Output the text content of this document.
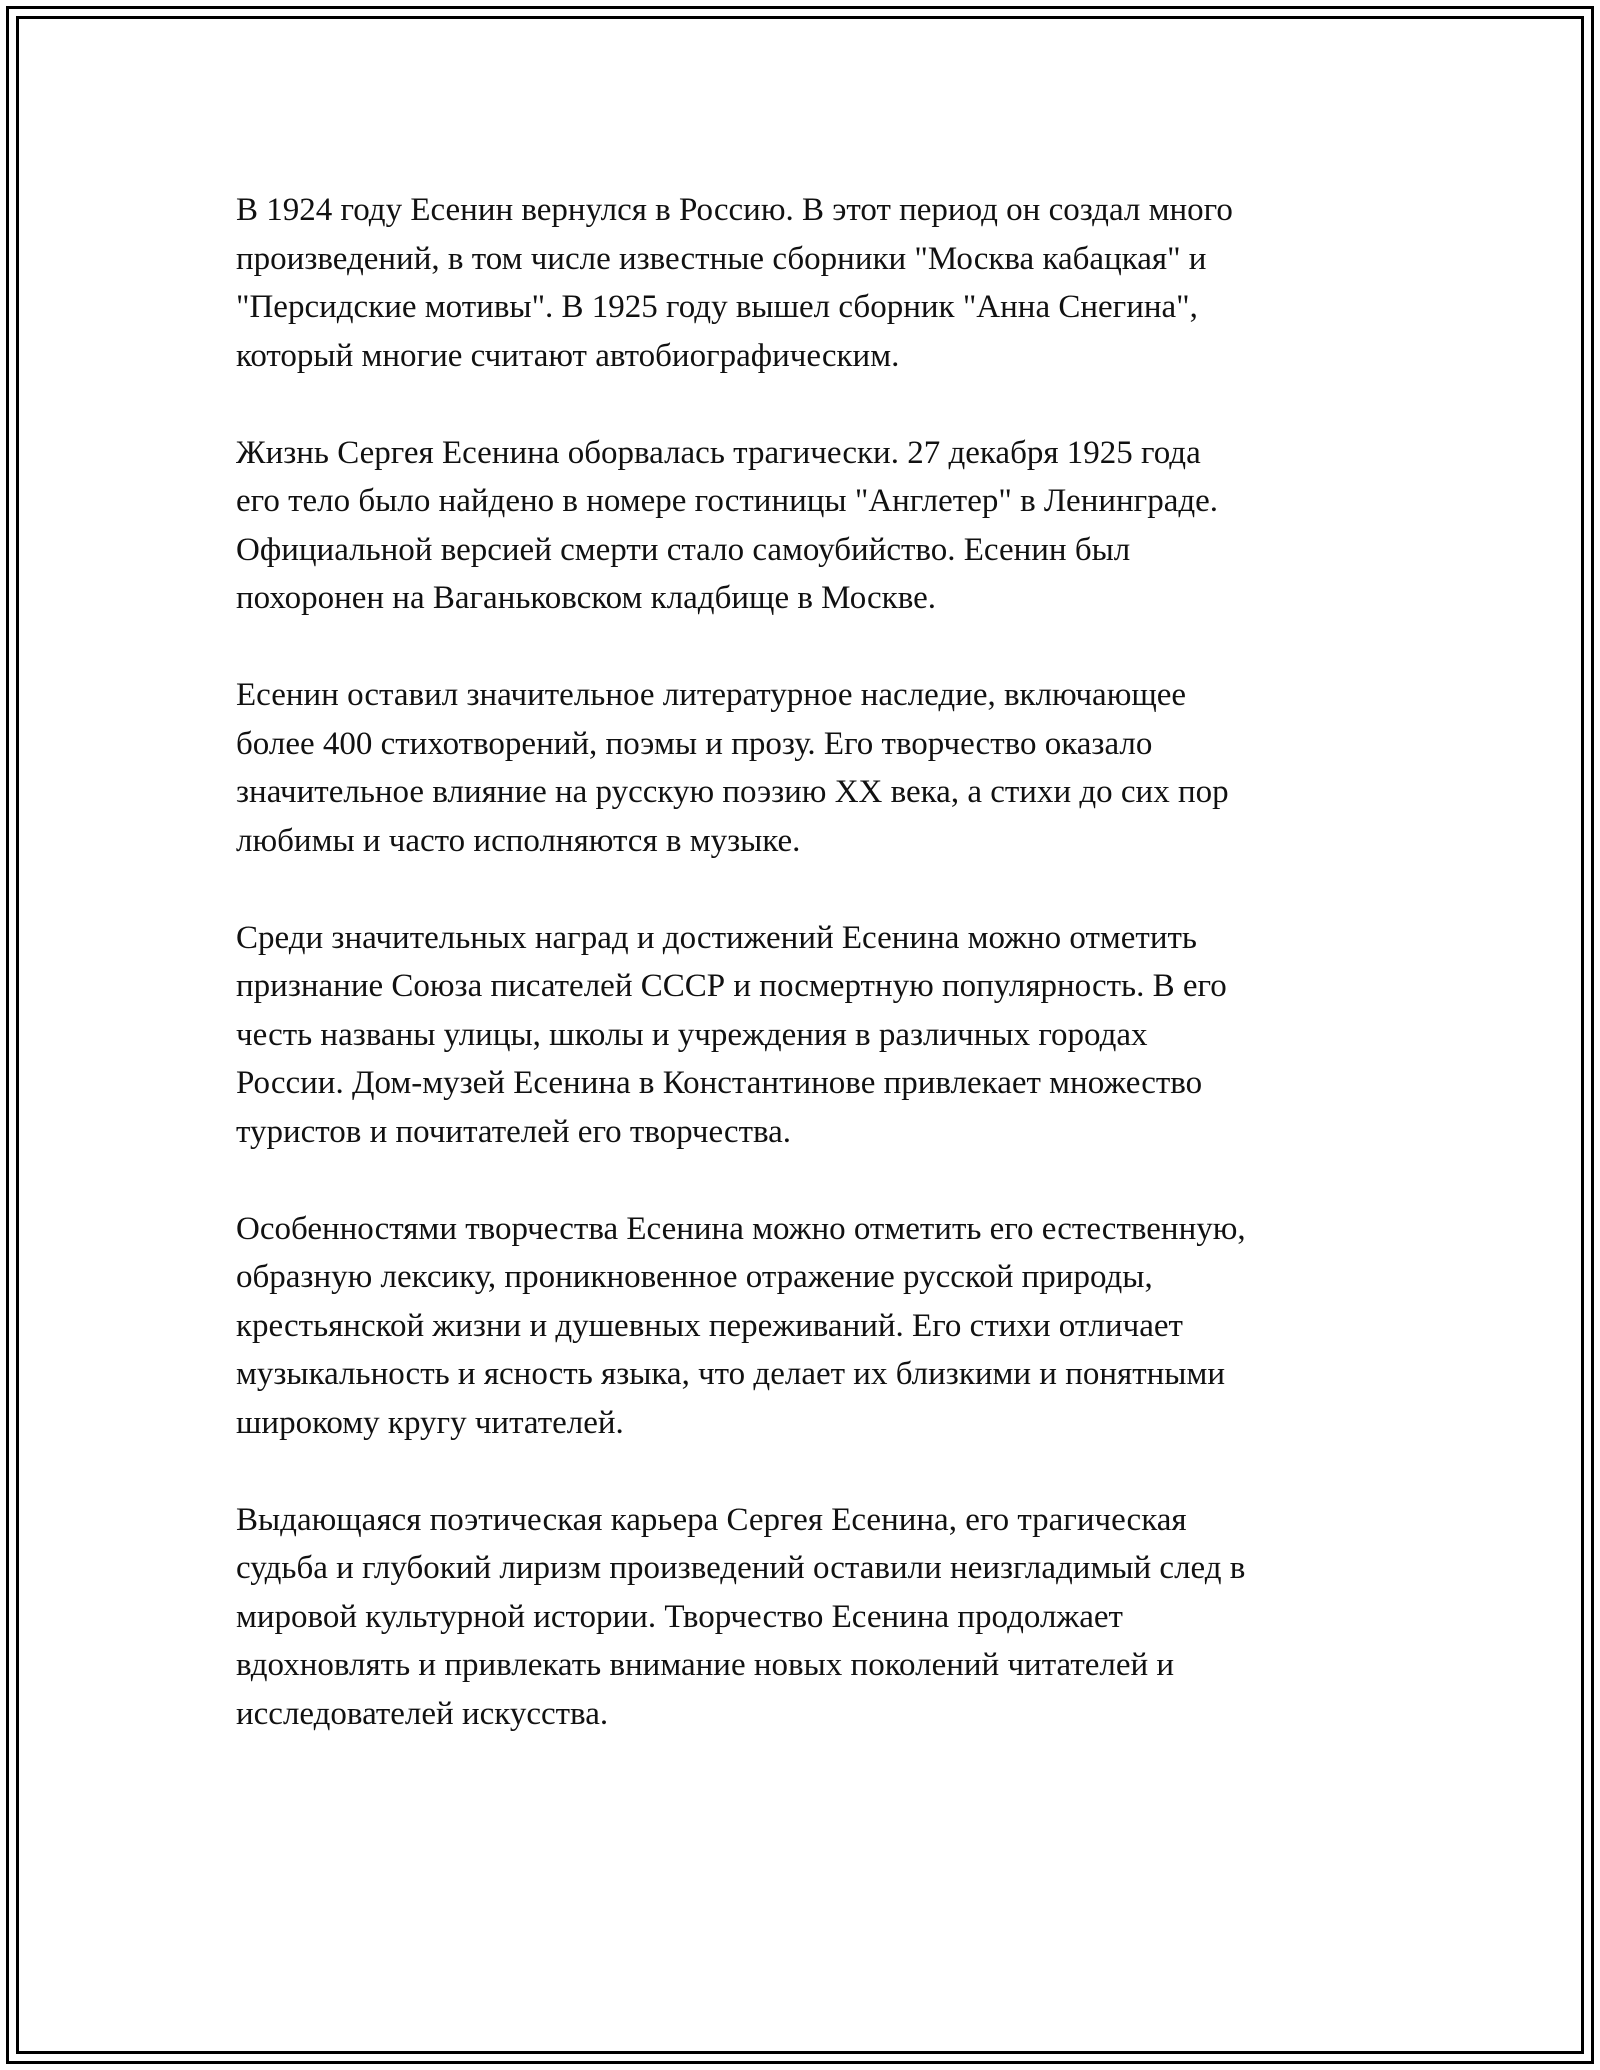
В 1924 году Есенин вернулся в Россию. В этот период он создал много
произведений, в том числе известные сборники "Москва кабацкая" и
"Персидские мотивы". В 1925 году вышел сборник "Анна Снегина",
который многие считают автобиографическим.

Жизнь Сергея Есенина оборвалась трагически. 27 декабря 1925 года
его тело было найдено в номере гостиницы "Англетер" в Ленинграде.
Официальной версией смерти стало самоубийство. Есенин был
похоронен на Ваганьковском кладбище в Москве.

Есенин оставил значительное литературное наследие, включающее
более 400 стихотворений, поэмы и прозу. Его творчество оказало
значительное влияние на русскую поэзию XX века, а стихи до сих пор
любимы и часто исполняются в музыке.

Среди значительных наград и достижений Есенина можно отметить
признание Союза писателей СССР и посмертную популярность. В его
честь названы улицы, школы и учреждения в различных городах
России. Дом-музей Есенина в Константинове привлекает множество
туристов и почитателей его творчества.

Особенностями творчества Есенина можно отметить его естественную,
образную лексику, проникновенное отражение русской природы,
крестьянской жизни и душевных переживаний. Его стихи отличает
музыкальность и ясность языка, что делает их близкими и понятными
широкому кругу читателей.

Выдающаяся поэтическая карьера Сергея Есенина, его трагическая
судьба и глубокий лиризм произведений оставили неизгладимый след в
мировой культурной истории. Творчество Есенина продолжает
вдохновлять и привлекать внимание новых поколений читателей и
исследователей искусства.
